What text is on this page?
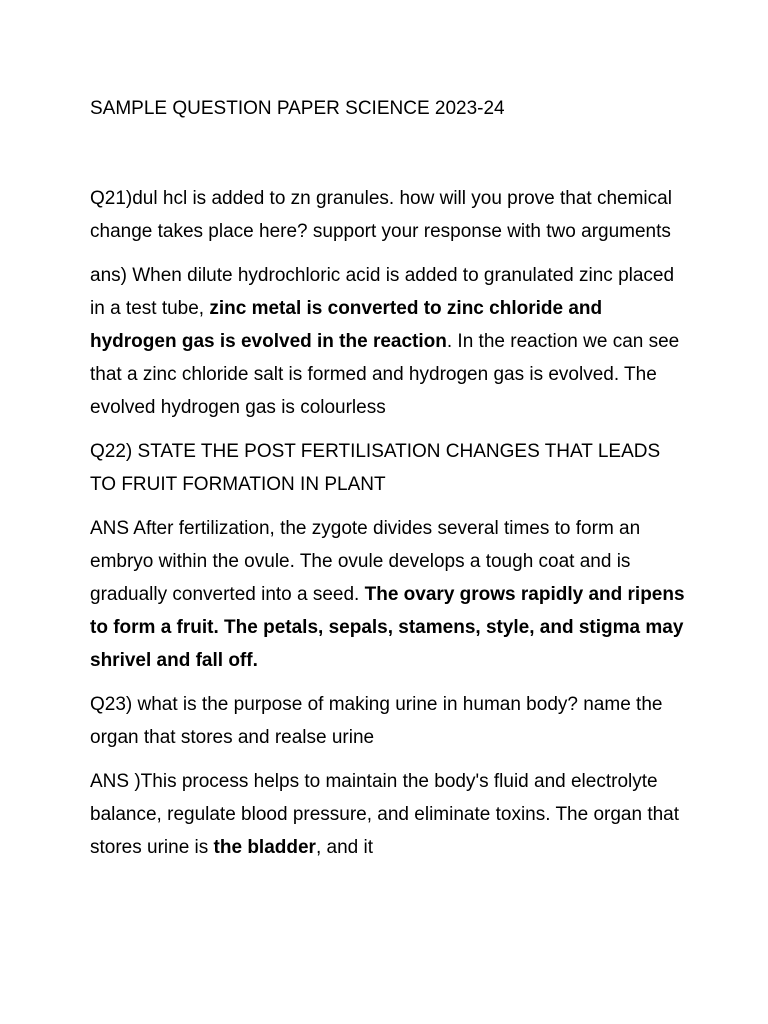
SAMPLE QUESTION PAPER SCIENCE 2023-24

Q21)dul hcl is added to zn granules. how will you prove that chemical change takes place here? support your response with two arguments

ans) When dilute hydrochloric acid is added to granulated zinc placed in a test tube, zinc metal is converted to zinc chloride and hydrogen gas is evolved in the reaction. In the reaction we can see that a zinc chloride salt is formed and hydrogen gas is evolved. The evolved hydrogen gas is colourless

Q22) STATE THE POST FERTILISATION CHANGES THAT LEADS TO FRUIT FORMATION IN PLANT

ANS After fertilization, the zygote divides several times to form an embryo within the ovule. The ovule develops a tough coat and is gradually converted into a seed. The ovary grows rapidly and ripens to form a fruit. The petals, sepals, stamens, style, and stigma may shrivel and fall off.

Q23) what is the purpose of making urine in human body? name the organ that stores and realse urine

ANS )This process helps to maintain the body's fluid and electrolyte balance, regulate blood pressure, and eliminate toxins. The organ that stores urine is the bladder, and it
